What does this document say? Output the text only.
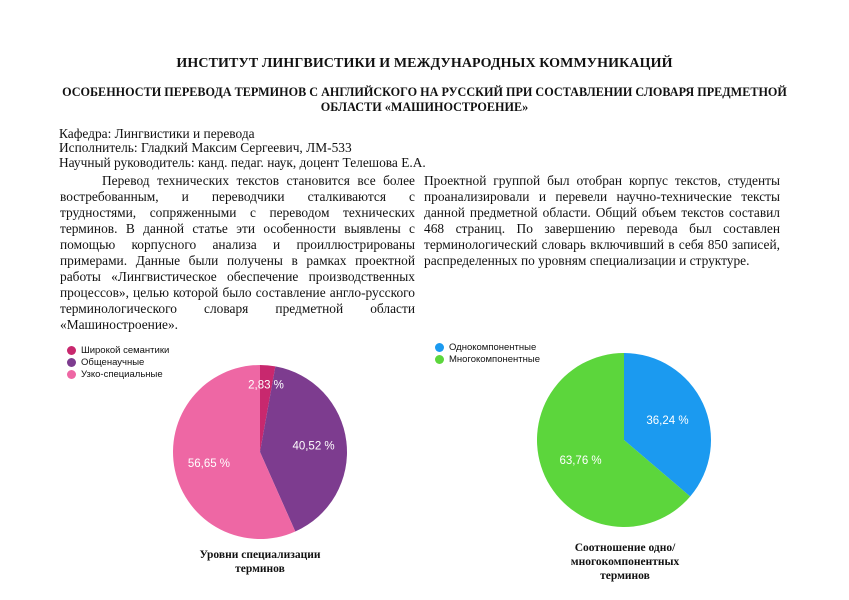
ИНСТИТУТ ЛИНГВИСТИКИ И МЕЖДУНАРОДНЫХ КОММУНИКАЦИЙ
ОСОБЕННОСТИ ПЕРЕВОДА ТЕРМИНОВ С АНГЛИЙСКОГО НА РУССКИЙ ПРИ СОСТАВЛЕНИИ СЛОВАРЯ ПРЕДМЕТНОЙ
ОБЛАСТИ «МАШИНОСТРОЕНИЕ»
Кафедра: Лингвистики и перевода
Исполнитель: Гладкий Максим Сергеевич, ЛМ-533
Научный руководитель: канд. педаг. наук, доцент Телешова Е.А.
Перевод технических текстов становится все более востребованным, и переводчики сталкиваются с трудностями, сопряженными с переводом технических терминов. В данной статье эти особенности выявлены с помощью корпусного анализа и проиллюстрированы примерами. Данные были получены в рамках проектной работы «Лингвистическое обеспечение производственных процессов», целью которой было составление англо-русского терминологического словаря предметной области «Машиностроение».
Проектной группой был отобран корпус текстов, студенты проанализировали и перевели научно-технические тексты данной предметной области. Общий объем текстов составил 468 страниц. По завершению перевода был составлен терминологический словарь включивший в себя 850 записей, распределенных по уровням специализации и структуре.
Широкой семантики
Общенаучные
Узко-специальные
2,83 %
40,52 %
56,65 %
Уровни специализации
терминов
Однокомпонентные
Многокомпонентные
36,24 %
63,76 %
Соотношение одно/
многокомпонентных
терминов
